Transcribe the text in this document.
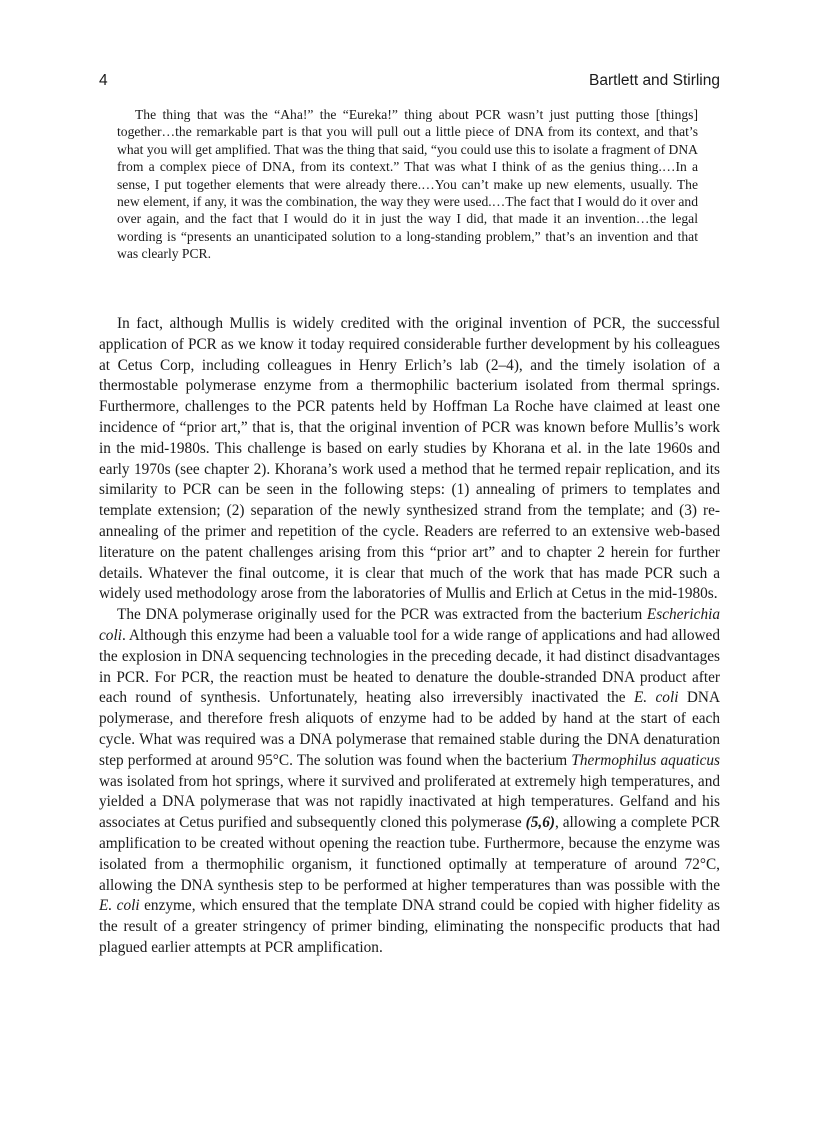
4	Bartlett and Stirling

The thing that was the “Aha!” the “Eureka!” thing about PCR wasn’t just putting those [things] together…the remarkable part is that you will pull out a little piece of DNA from its context, and that’s what you will get amplified. That was the thing that said, “you could use this to isolate a fragment of DNA from a complex piece of DNA, from its context.” That was what I think of as the genius thing.…In a sense, I put together elements that were already there.…You can’t make up new elements, usually. The new element, if any, it was the combination, the way they were used.…The fact that I would do it over and over again, and the fact that I would do it in just the way I did, that made it an invention…the legal wording is “presents an unanticipated solution to a long-standing problem,” that’s an invention and that was clearly PCR.

In fact, although Mullis is widely credited with the original invention of PCR, the successful application of PCR as we know it today required considerable further development by his colleagues at Cetus Corp, including colleagues in Henry Erlich’s lab (2–4), and the timely isolation of a thermostable polymerase enzyme from a thermophilic bacterium isolated from thermal springs. Furthermore, challenges to the PCR patents held by Hoffman La Roche have claimed at least one incidence of “prior art,” that is, that the original invention of PCR was known before Mullis’s work in the mid-1980s. This challenge is based on early studies by Khorana et al. in the late 1960s and early 1970s (see chapter 2). Khorana’s work used a method that he termed repair replication, and its similarity to PCR can be seen in the following steps: (1) annealing of primers to templates and template extension; (2) separation of the newly synthesized strand from the template; and (3) re-annealing of the primer and repetition of the cycle. Readers are referred to an extensive web-based literature on the patent challenges arising from this “prior art” and to chapter 2 herein for further details. Whatever the final outcome, it is clear that much of the work that has made PCR such a widely used methodology arose from the laboratories of Mullis and Erlich at Cetus in the mid-1980s.

The DNA polymerase originally used for the PCR was extracted from the bacterium Escherichia coli. Although this enzyme had been a valuable tool for a wide range of applications and had allowed the explosion in DNA sequencing technologies in the preceding decade, it had distinct disadvantages in PCR. For PCR, the reaction must be heated to denature the double-stranded DNA product after each round of synthesis. Unfortunately, heating also irreversibly inactivated the E. coli DNA polymerase, and therefore fresh aliquots of enzyme had to be added by hand at the start of each cycle. What was required was a DNA polymerase that remained stable during the DNA denaturation step performed at around 95°C. The solution was found when the bacterium Thermophilus aquaticus was isolated from hot springs, where it survived and proliferated at extremely high temperatures, and yielded a DNA polymerase that was not rapidly inactivated at high temperatures. Gelfand and his associates at Cetus purified and subsequently cloned this polymerase (5,6), allowing a complete PCR amplification to be created without opening the reaction tube. Furthermore, because the enzyme was isolated from a thermophilic organism, it functioned optimally at temperature of around 72°C, allowing the DNA synthesis step to be performed at higher temperatures than was possible with the E. coli enzyme, which ensured that the template DNA strand could be copied with higher fidelity as the result of a greater stringency of primer binding, eliminating the nonspecific products that had plagued earlier attempts at PCR amplification.
